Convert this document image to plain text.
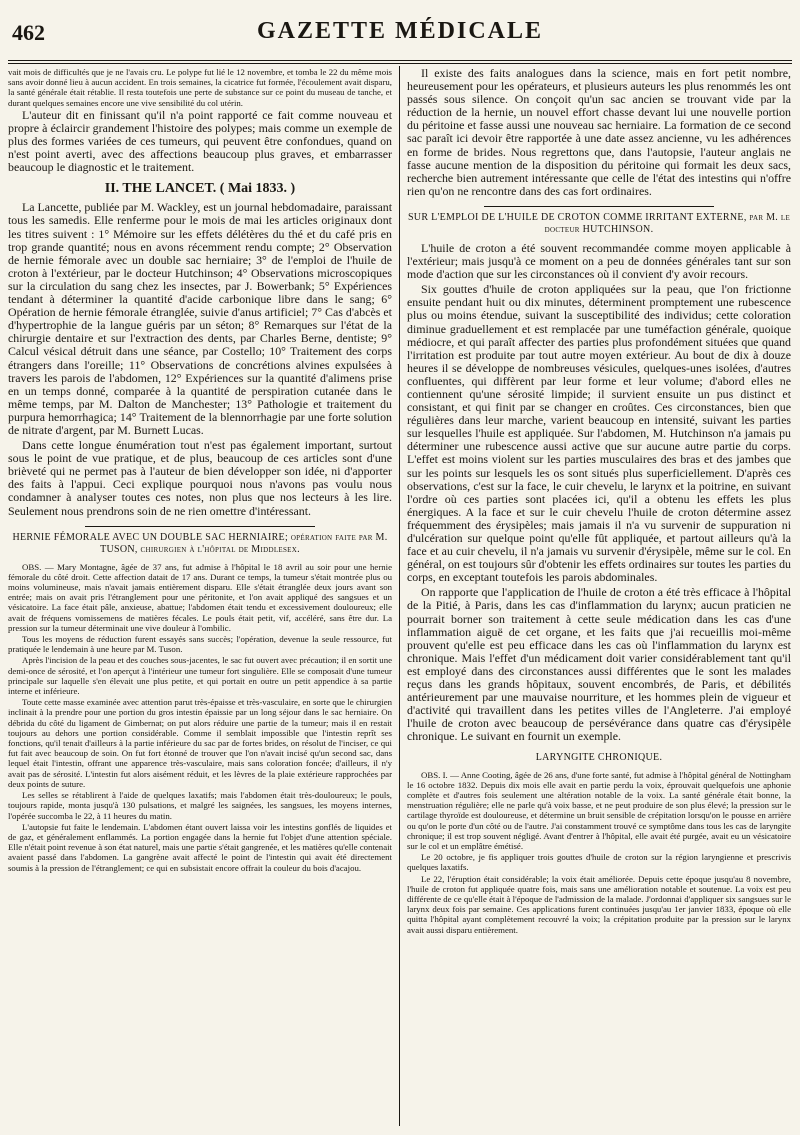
462	GAZETTE MÉDICALE

vait mois de difficultés que je ne l'avais cru. Le polype fut lié le 12 novembre, et tomba le 22 du même mois sans avoir donné lieu à aucun accident. En trois semaines, la cicatrice fut formée, l'écoulement avait disparu, la santé générale était rétablie. Il resta toutefois une perte de substance sur ce point du museau de tanche, et durant quelques semaines encore une vive sensibilité du col utérin.

L'auteur dit en finissant qu'il n'a point rapporté ce fait comme nouveau et propre à éclaircir grandement l'histoire des polypes; mais comme un exemple de plus des formes variées de ces tumeurs, qui peuvent être confondues, quand on n'est point averti, avec des affections beaucoup plus graves, et embarrasser beaucoup le diagnostic et le traitement.

II. THE LANCET. ( Mai 1833. )

La Lancette, publiée par M. Wackley, est un journal hebdomadaire, paraissant tous les samedis. Elle renferme pour le mois de mai les articles originaux dont les titres suivent : 1° Mémoire sur les effets délétères du thé et du café pris en trop grande quantité; nous en avons récemment rendu compte; 2° Observation de hernie fémorale avec un double sac herniaire; 3° de l'emploi de l'huile de croton à l'extérieur, par le docteur Hutchinson; 4° Observations microscopiques sur la circulation du sang chez les insectes, par J. Bowerbank; 5° Expériences tendant à déterminer la quantité d'acide carbonique libre dans le sang; 6° Opération de hernie fémorale étranglée, suivie d'anus artificiel; 7° Cas d'abcès et d'hypertrophie de la langue guéris par un séton; 8° Remarques sur l'état de la chirurgie dentaire et sur l'extraction des dents, par Charles Berne, dentiste; 9° Calcul vésical détruit dans une séance, par Costello; 10° Traitement des corps étrangers dans l'oreille; 11° Observations de concrétions alvines expulsées à travers les parois de l'abdomen, 12° Expériences sur la quantité d'alimens prise en un temps donné, comparée à la quantité de perspiration cutanée dans le même temps, par M. Dalton de Manchester; 13° Pathologie et traitement du purpura hemorrhagica; 14° Traitement de la blennorrhagie par une forte solution de nitrate d'argent, par M. Burnett Lucas.

Dans cette longue énumération tout n'est pas également important, surtout sous le point de vue pratique, et de plus, beaucoup de ces articles sont d'une brièveté qui ne permet pas à l'auteur de bien développer son idée, ni d'apporter des faits à l'appui. Ceci explique pourquoi nous n'avons pas voulu nous condamner à analyser toutes ces notes, non plus que nos lecteurs à les lire. Seulement nous prendrons soin de ne rien omettre d'intéressant.

HERNIE FÉMORALE AVEC UN DOUBLE SAC HERNIAIRE; opération faite par M. TUSON, chirurgien à l'hôpital de Middlesex.

OBS. — Mary Montagne, âgée de 37 ans, fut admise à l'hôpital le 18 avril au soir pour une hernie fémorale du côté droit. Cette affection datait de 17 ans. Durant ce temps, la tumeur s'était montrée plus ou moins volumineuse, mais n'avait jamais entièrement disparu. Elle s'était étranglée deux jours avant son entrée; mais on avait pris l'étranglement pour une péritonite, et l'on avait appliqué des sangsues et un vésicatoire. La face était pâle, anxieuse, abattue; l'abdomen était tendu et excessivement douloureux; elle avait de fréquens vomissemens de matières fécales. Le pouls était petit, vif, accéléré, sans être dur. La pression sur la tumeur déterminait une vive douleur à l'ombilic.

Tous les moyens de réduction furent essayés sans succès; l'opération, devenue la seule ressource, fut pratiquée le lendemain à une heure par M. Tuson.

Après l'incision de la peau et des couches sous-jacentes, le sac fut ouvert avec précaution; il en sortit une demi-once de sérosité, et l'on aperçut à l'intérieur une tumeur fort singulière. Elle se composait d'une tumeur principale sur laquelle s'en élevait une plus petite, et qui portait en outre un petit appendice à sa partie interne et inférieure.

Toute cette masse examinée avec attention parut très-épaisse et très-vasculaire, en sorte que le chirurgien inclinait à la prendre pour une portion du gros intestin épaissie par un long séjour dans le sac herniaire. On débrida du côté du ligament de Gimbernat; on put alors réduire une partie de la tumeur; mais il en restait toujours au dehors une portion considérable. Comme il semblait impossible que l'intestin reprît ses fonctions, qu'il tenait d'ailleurs à la partie inférieure du sac par de fortes brides, on résolut de l'inciser, ce qui fut fait avec beaucoup de soin. On fut fort étonné de trouver que l'on n'avait incisé qu'un second sac, dans lequel était l'intestin, offrant une apparence très-vasculaire, mais sans coloration foncée; d'ailleurs, il n'y avait pas de sérosité. L'intestin fut alors aisément réduit, et les lèvres de la plaie extérieure rapprochées par deux points de suture.

Les selles se rétablirent à l'aide de quelques laxatifs; mais l'abdomen était très-douloureux; le pouls, toujours rapide, monta jusqu'à 130 pulsations, et malgré les saignées, les sangsues, les moyens internes, l'opérée succomba le 22, à 11 heures du matin.

L'autopsie fut faite le lendemain. L'abdomen étant ouvert laissa voir les intestins gonflés de liquides et de gaz, et généralement enflammés. La portion engagée dans la hernie fut l'objet d'une attention spéciale. Elle n'était point revenue à son état naturel, mais une partie s'était gangrenée, et les matières qu'elle contenait avaient passé dans l'abdomen. La gangrène avait affecté le point de l'intestin qui avait été directement soumis à la pression de l'étranglement; ce qui en subsistait encore offrait la couleur du bois d'acajou.

Il existe des faits analogues dans la science, mais en fort petit nombre, heureusement pour les opérateurs, et plusieurs auteurs les plus renommés les ont passés sous silence. On conçoit qu'un sac ancien se trouvant vide par la réduction de la hernie, un nouvel effort chasse devant lui une nouvelle portion du péritoine et fasse aussi une nouveau sac herniaire. La formation de ce second sac paraît ici devoir être rapportée à une date assez ancienne, vu les adhérences en forme de brides. Nous regrettons que, dans l'autopsie, l'auteur anglais ne fasse aucune mention de la disposition du péritoine qui formait les deux sacs, recherche bien autrement intéressante que celle de l'état des intestins qui n'offre rien qu'on ne rencontre dans des cas fort ordinaires.

SUR L'EMPLOI DE L'HUILE DE CROTON COMME IRRITANT EXTERNE, par M. le docteur HUTCHINSON.

L'huile de croton a été souvent recommandée comme moyen applicable à l'extérieur; mais jusqu'à ce moment on a peu de données générales tant sur son mode d'action que sur les circonstances où il convient d'y avoir recours.

Six gouttes d'huile de croton appliquées sur la peau, que l'on frictionne ensuite pendant huit ou dix minutes, déterminent promptement une rubescence plus ou moins étendue, suivant la susceptibilité des individus; cette coloration diminue graduellement et est remplacée par une tuméfaction générale, quoique médiocre, et qui paraît affecter des parties plus profondément situées que quand l'irritation est produite par tout autre moyen extérieur. Au bout de dix à douze heures il se développe de nombreuses vésicules, quelques-unes isolées, d'autres confluentes, qui diffèrent par leur forme et leur volume; d'abord elles ne contiennent qu'une sérosité limpide; il survient ensuite un pus distinct et consistant, et qui finit par se changer en croûtes. Ces circonstances, bien que régulières dans leur marche, varient beaucoup en intensité, suivant les parties sur lesquelles l'huile est appliquée. Sur l'abdomen, M. Hutchinson n'a jamais pu déterminer une rubescence aussi active que sur aucune autre partie du corps. L'effet est moins violent sur les parties musculaires des bras et des jambes que sur les points sur lesquels les os sont situés plus superficiellement. D'après ces observations, c'est sur la face, le cuir chevelu, le larynx et la poitrine, en suivant l'ordre où ces parties sont placées ici, qu'il a obtenu les effets les plus énergiques. A la face et sur le cuir chevelu l'huile de croton détermine assez fréquemment des érysipèles; mais jamais il n'a vu survenir de suppuration ni d'ulcération sur quelque point qu'elle fût appliquée, et partout ailleurs qu'à la face et au cuir chevelu, il n'a jamais vu survenir d'érysipèle, même sur le col. En général, on est toujours sûr d'obtenir les effets ordinaires sur toutes les parties du corps, en exceptant toutefois les parois abdominales.

On rapporte que l'application de l'huile de croton a été très efficace à l'hôpital de la Pitié, à Paris, dans les cas d'inflammation du larynx; aucun praticien ne pourrait borner son traitement à cette seule médication dans les cas d'une inflammation aiguë de cet organe, et les faits que j'ai recueillis moi-même prouvent qu'elle est peu efficace dans les cas où l'inflammation du larynx est chronique. Mais l'effet d'un médicament doit varier considérablement tant qu'il est employé dans des circonstances aussi différentes que le sont les malades reçus dans les grands hôpitaux, souvent encombrés, de Paris, et débilités antérieurement par une mauvaise nourriture, et les hommes plein de vigueur et d'activité qui travaillent dans les petites villes de l'Angleterre. J'ai employé l'huile de croton avec beaucoup de persévérance dans quatre cas d'érysipèle chronique. Le suivant en fournit un exemple.

LARYNGITE CHRONIQUE.

OBS. I. — Anne Cooting, âgée de 26 ans, d'une forte santé, fut admise à l'hôpital général de Nottingham le 16 octobre 1832. Depuis dix mois elle avait en partie perdu la voix, éprouvait quelquefois une aphonie complète et d'autres fois seulement une altération notable de la voix. La santé générale était bonne, la menstruation régulière; elle ne parle qu'à voix basse, et ne peut produire de son plus élevé; la pression sur le cartilage thyroïde est douloureuse, et détermine un bruit sensible de crépitation lorsqu'on le pousse en arrière ou qu'on le porte d'un côté ou de l'autre. J'ai constamment trouvé ce symptôme dans tous les cas de laryngite chronique; il est trop souvent négligé. Avant d'entrer à l'hôpital, elle avait été purgée, avait eu un vésicatoire sur le col et un emplâtre émétisé.

Le 20 octobre, je fis appliquer trois gouttes d'huile de croton sur la région laryngienne et prescrivis quelques laxatifs.

Le 22, l'éruption était considérable; la voix était améliorée. Depuis cette époque jusqu'au 8 novembre, l'huile de croton fut appliquée quatre fois, mais sans une amélioration notable et soutenue. La voix est peu différente de ce qu'elle était à l'époque de l'admission de la malade. J'ordonnai d'appliquer six sangsues sur le larynx deux fois par semaine. Ces applications furent continuées jusqu'au 1er janvier 1833, époque où elle quitta l'hôpital ayant complètement recouvré la voix; la crépitation produite par la pression sur le larynx avait aussi disparu entièrement.
